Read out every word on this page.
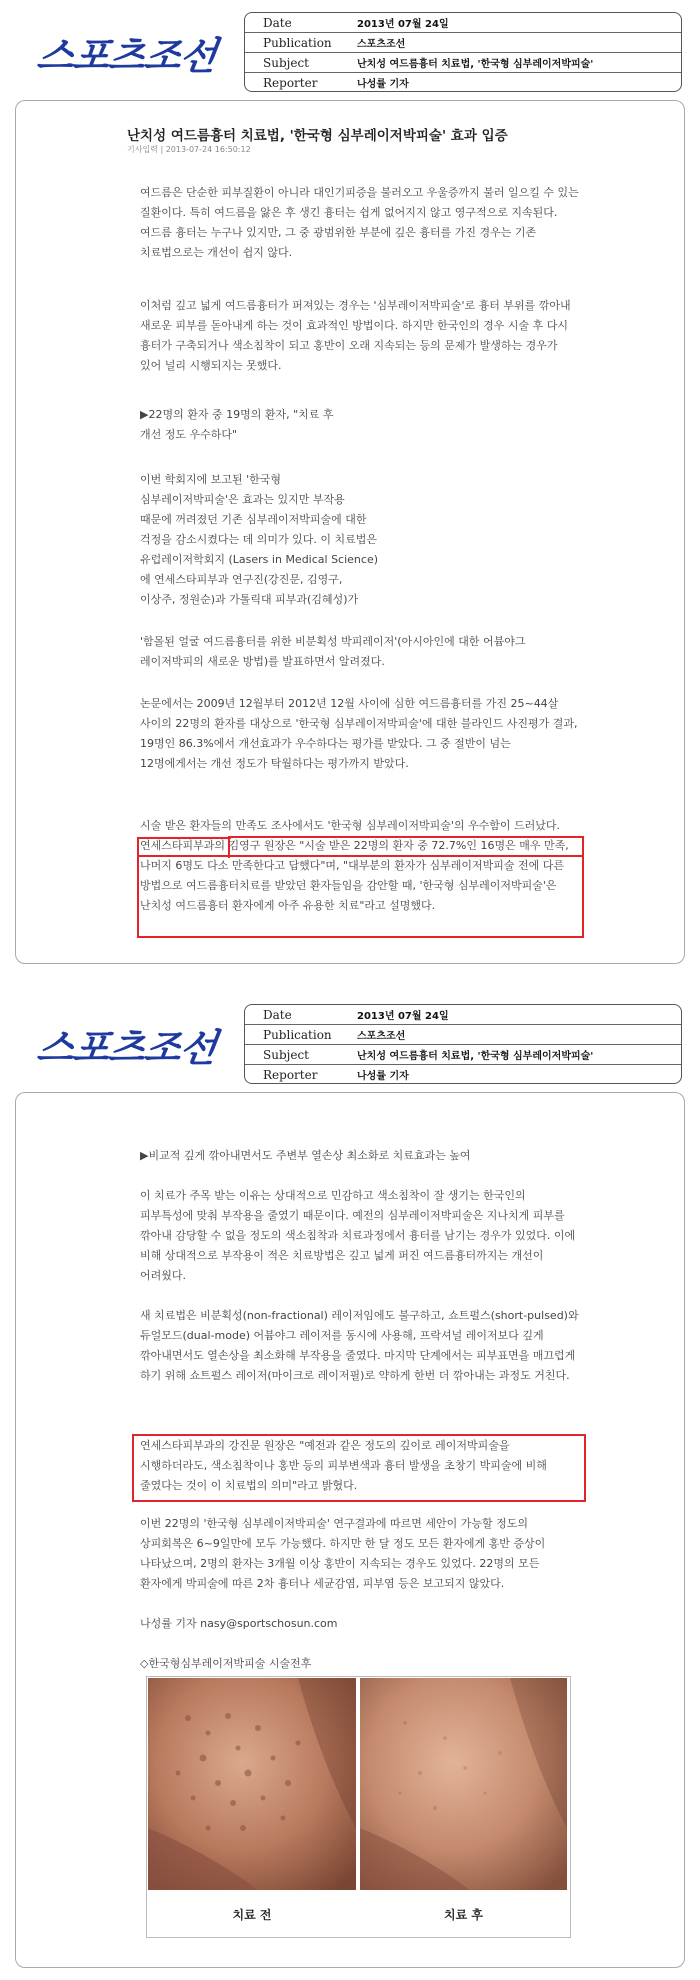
스포츠조선
Date	2013년 07월 24일
Publication	스포츠조선
Subject	난치성 여드름흉터 치료법, '한국형 심부레이저박피술'
Reporter	나성률 기자
난치성 여드름흉터 치료법, '한국형 심부레이저박피술' 효과 입증
기사입력 | 2013-07-24 16:50:12

여드름은 단순한 피부질환이 아니라 대인기피증을 불러오고 우울증까지 불러 일으킬 수 있는 질환이다. 특히 여드름을 앓은 후 생긴 흉터는 쉽게 없어지지 않고 영구적으로 지속된다. 여드름 흉터는 누구나 있지만, 그 중 광범위한 부분에 깊은 흉터를 가진 경우는 기존 치료법으로는 개선이 쉽지 않다.

이처럼 깊고 넓게 여드름흉터가 퍼져있는 경우는 '심부레이저박피술'로 흉터 부위를 깎아내 새로운 피부를 돋아내게 하는 것이 효과적인 방법이다. 하지만 한국인의 경우 시술 후 다시 흉터가 구축되거나 색소침착이 되고 홍반이 오래 지속되는 등의 문제가 발생하는 경우가 있어 널리 시행되지는 못했다.

▶22명의 환자 중 19명의 환자, "치료 후
개선 정도 우수하다"

이번 학회지에 보고된 '한국형 심부레이저박피술'은 효과는 있지만 부작용 때문에 꺼려졌던 기존 심부레이저박피술에 대한 걱정을 감소시켰다는 데 의미가 있다. 이 치료법은 유럽레이저학회지 (Lasers in Medical Science)에 연세스타피부과 연구진(강진문, 김영구, 이상주, 정원순)과 가톨릭대 피부과(김혜성)가

'함몰된 얼굴 여드름흉터를 위한 비분획성 박피레이저'(아시아인에 대한 어븀야그 레이저박피의 새로운 방법)를 발표하면서 알려졌다.

논문에서는 2009년 12월부터 2012년 12월 사이에 심한 여드름흉터를 가진 25~44살 사이의 22명의 환자를 대상으로 '한국형 심부레이저박피술'에 대한 블라인드 사진평가 결과, 19명인 86.3%에서 개선효과가 우수하다는 평가를 받았다. 그 중 절반이 넘는 12명에게서는 개선 정도가 탁월하다는 평가까지 받았다.

시술 받은 환자들의 만족도 조사에서도 '한국형 심부레이저박피술'의 우수함이 드러났다. 연세스타피부과의 김영구 원장은 "시술 받은 22명의 환자 중 72.7%인 16명은 매우 만족, 나머지 6명도 다소 만족한다고 답했다"며, "대부분의 환자가 심부레이저박피술 전에 다른 방법으로 여드름흉터치료를 받았던 환자들임을 감안할 때, '한국형 심부레이저박피술'은 난치성 여드름흉터 환자에게 아주 유용한 치료"라고 설명했다.

스포츠조선
Date	2013년 07월 24일
Publication	스포츠조선
Subject	난치성 여드름흉터 치료법, '한국형 심부레이저박피술'
Reporter	나성률 기자
▶비교적 깊게 깎아내면서도 주변부 열손상 최소화로 치료효과는 높여

이 치료가 주목 받는 이유는 상대적으로 민감하고 색소침착이 잘 생기는 한국인의 피부특성에 맞춰 부작용을 줄였기 때문이다. 예전의 심부레이저박피술은 지나치게 피부를 깎아내 감당할 수 없을 정도의 색소침착과 치료과정에서 흉터를 남기는 경우가 있었다. 이에 비해 상대적으로 부작용이 적은 치료방법은 깊고 넓게 퍼진 여드름흉터까지는 개선이 어려웠다.

새 치료법은 비분획성(non-fractional) 레이저임에도 불구하고, 쇼트펄스(short-pulsed)와 듀얼모드(dual-mode) 어븀야그 레이저를 동시에 사용해, 프락셔널 레이저보다 깊게 깎아내면서도 열손상을 최소화해 부작용을 줄였다. 마지막 단계에서는 피부표면을 매끄럽게 하기 위해 쇼트펄스 레이저(마이크로 레이저필)로 약하게 한번 더 깎아내는 과정도 거친다.

연세스타피부과의 강진문 원장은 "예전과 같은 정도의 깊이로 레이저박피술을 시행하더라도, 색소침착이나 홍반 등의 피부변색과 흉터 발생을 초창기 박피술에 비해 줄였다는 것이 이 치료법의 의미"라고 밝혔다.

이번 22명의 '한국형 심부레이저박피술' 연구결과에 따르면 세안이 가능할 정도의 상피회복은 6~9일만에 모두 가능했다. 하지만 한 달 정도 모든 환자에게 홍반 증상이 나타났으며, 2명의 환자는 3개월 이상 홍반이 지속되는 경우도 있었다. 22명의 모든 환자에게 박피술에 따른 2차 흉터나 세균감염, 피부염 등은 보고되지 않았다.

나성률 기자 nasy@sportschosun.com
◇한국형심부레이저박피술 시술전후
치료 전	치료 후
